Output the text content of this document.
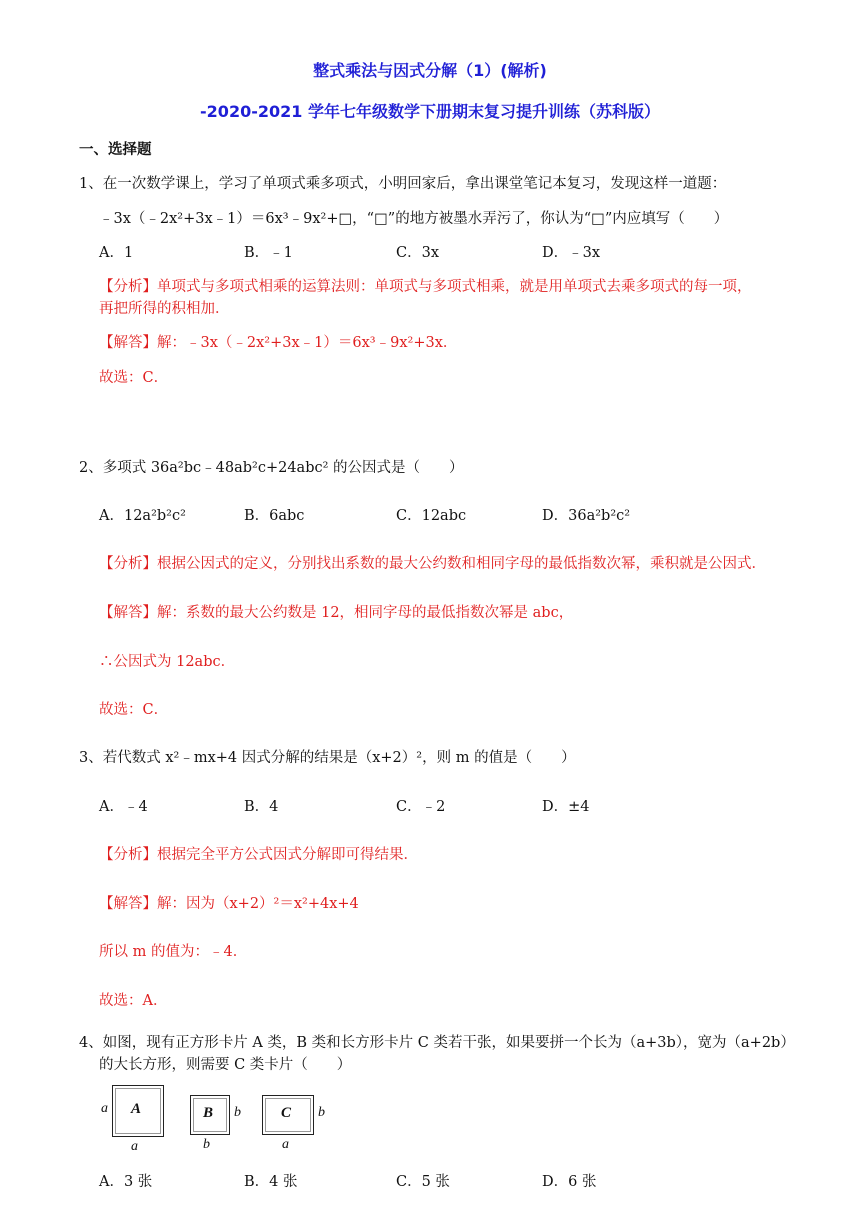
整式乘法与因式分解（1）(解析)
-2020-2021 学年七年级数学下册期末复习提升训练（苏科版）
一、选择题
1、在一次数学课上，学习了单项式乘多项式，小明回家后，拿出课堂笔记本复习，发现这样一道题：
﹣3x（﹣2x²+3x﹣1）＝6x³﹣9x²+□，“□”的地方被墨水弄污了，你认为“□”内应填写（　　）
A．1	B．﹣1	C．3x	D．﹣3x
【分析】单项式与多项式相乘的运算法则：单项式与多项式相乘，就是用单项式去乘多项式的每一项，
再把所得的积相加．
【解答】解：﹣3x（﹣2x²+3x﹣1）＝6x³﹣9x²+3x．
故选：C．
2、多项式 36a²bc﹣48ab²c+24abc² 的公因式是（　　）
A．12a²b²c²	B．6abc	C．12abc	D．36a²b²c²
【分析】根据公因式的定义，分别找出系数的最大公约数和相同字母的最低指数次幂，乘积就是公因式．
【解答】解：系数的最大公约数是 12，相同字母的最低指数次幂是 abc，
∴公因式为 12abc．
故选：C．
3、若代数式 x²﹣mx+4 因式分解的结果是（x+2）²，则 m 的值是（　　）
A．﹣4	B．4	C．﹣2	D．±4
【分析】根据完全平方公式因式分解即可得结果．
【解答】解：因为（x+2）²＝x²+4x+4
所以 m 的值为：﹣4．
故选：A．
4、如图，现有正方形卡片 A 类，B 类和长方形卡片 C 类若干张，如果要拼一个长为（a+3b），宽为（a+2b）
的大长方形，则需要 C 类卡片（　　）
A
a
a
B b
b
C b
a
A．3 张	B．4 张	C．5 张	D．6 张
